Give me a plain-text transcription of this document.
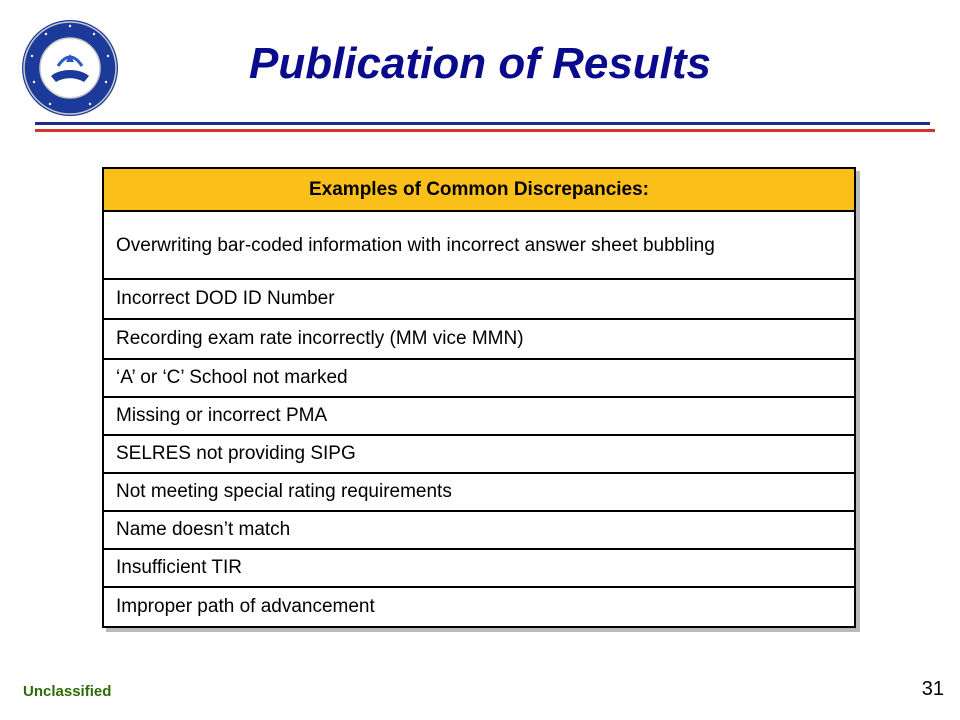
Publication of Results
Examples of Common Discrepancies:
Overwriting bar-coded information with incorrect answer sheet bubbling
Incorrect DOD ID Number
Recording exam rate incorrectly (MM vice MMN)
‘A’ or ‘C’ School not marked
Missing or incorrect PMA
SELRES not providing SIPG
Not meeting special rating requirements
Name doesn’t match
Insufficient TIR
Improper path of advancement
Unclassified	31
